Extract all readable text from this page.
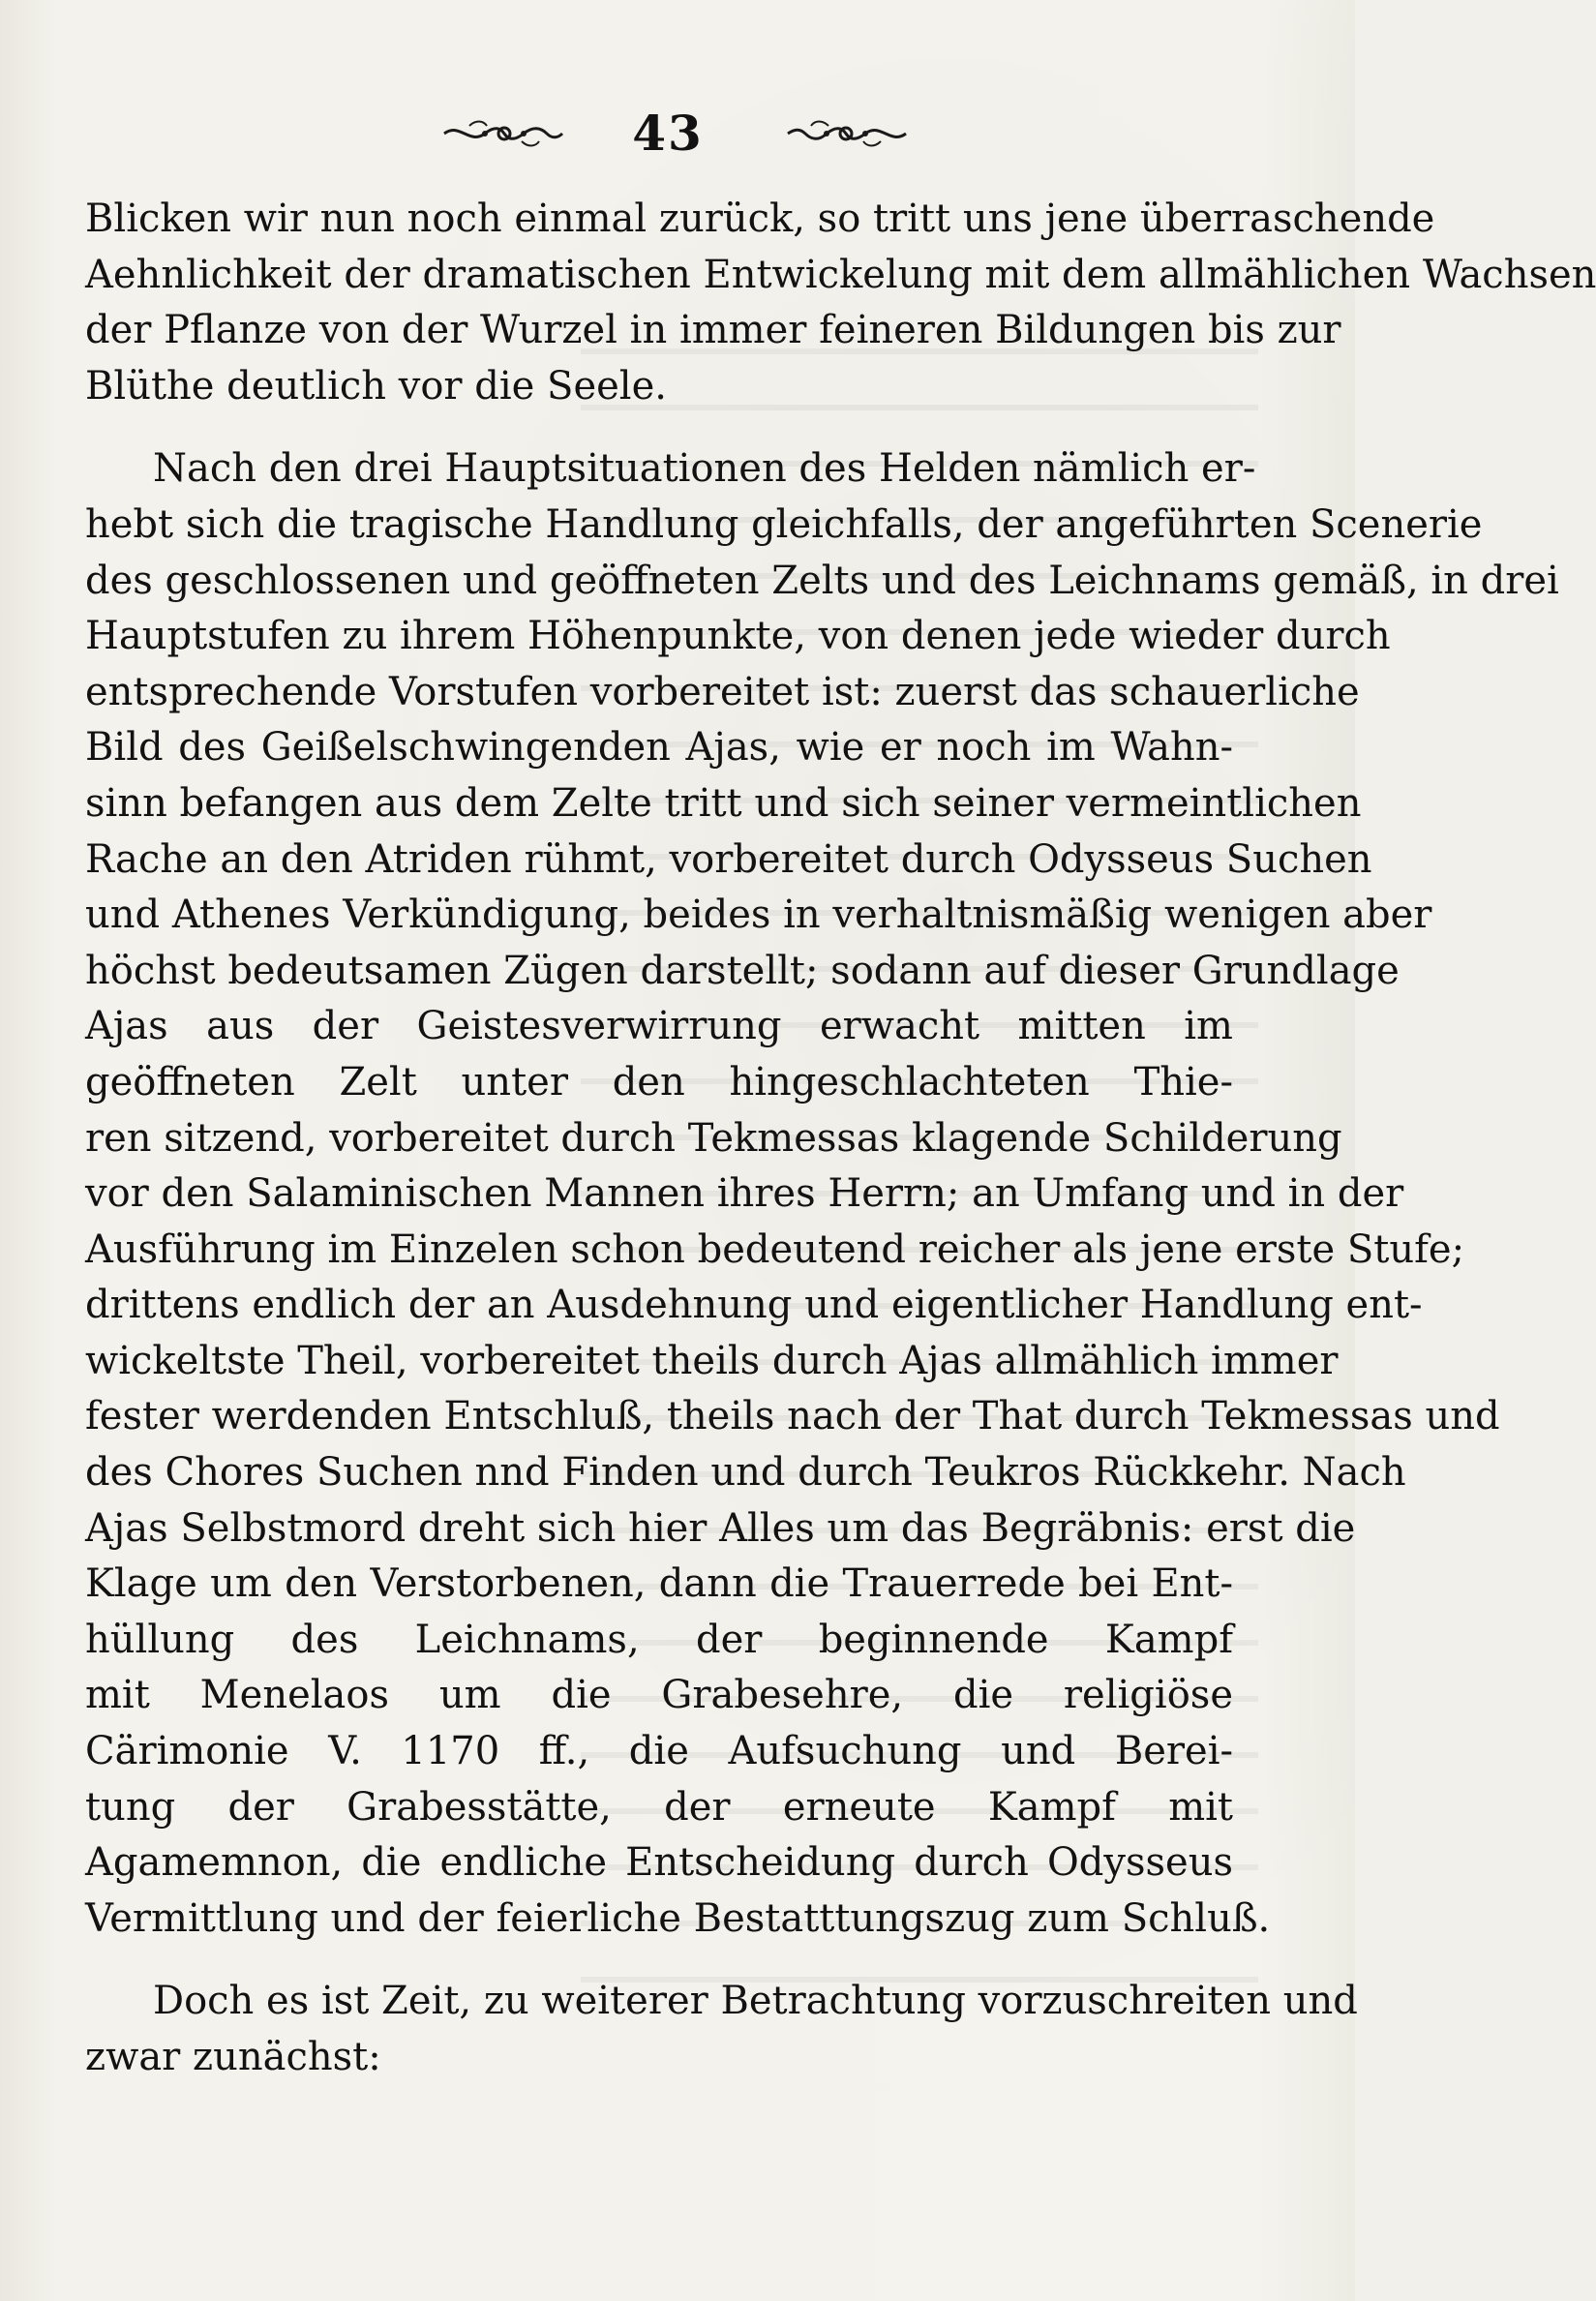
43
Blicken wir nun noch einmal zurück, so tritt uns jene überraschende
Aehnlichkeit der dramatischen Entwickelung mit dem allmählichen Wachsen
der Pflanze von der Wurzel in immer feineren Bildungen bis zur
Blüthe deutlich vor die Seele.
Nach den drei Hauptsituationen des Helden nämlich er-
hebt sich die tragische Handlung gleichfalls, der angeführten Scenerie
des geschlossenen und geöffneten Zelts und des Leichnams gemäß, in drei
Hauptstufen zu ihrem Höhenpunkte, von denen jede wieder durch
entsprechende Vorstufen vorbereitet ist: zuerst das schauerliche
Bild des Geißelschwingenden Ajas, wie er noch im Wahn-
sinn befangen aus dem Zelte tritt und sich seiner vermeintlichen
Rache an den Atriden rühmt, vorbereitet durch Odysseus Suchen
und Athenes Verkündigung, beides in verhaltnismäßig wenigen aber
höchst bedeutsamen Zügen darstellt; sodann auf dieser Grundlage
Ajas aus der Geistesverwirrung erwacht mitten im
geöffneten Zelt unter den hingeschlachteten Thie-
ren sitzend, vorbereitet durch Tekmessas klagende Schilderung
vor den Salaminischen Mannen ihres Herrn; an Umfang und in der
Ausführung im Einzelen schon bedeutend reicher als jene erste Stufe;
drittens endlich der an Ausdehnung und eigentlicher Handlung ent-
wickeltste Theil, vorbereitet theils durch Ajas allmählich immer
fester werdenden Entschluß, theils nach der That durch Tekmessas und
des Chores Suchen nnd Finden und durch Teukros Rückkehr. Nach
Ajas Selbstmord dreht sich hier Alles um das Begräbnis: erst die
Klage um den Verstorbenen, dann die Trauerrede bei Ent-
hüllung des Leichnams, der beginnende Kampf
mit Menelaos um die Grabesehre, die religiöse
Cärimonie V. 1170 ff., die Aufsuchung und Berei-
tung der Grabesstätte, der erneute Kampf mit
Agamemnon, die endliche Entscheidung durch Odysseus
Vermittlung und der feierliche Bestatttungszug zum Schluß.
Doch es ist Zeit, zu weiterer Betrachtung vorzuschreiten und
zwar zunächst:
